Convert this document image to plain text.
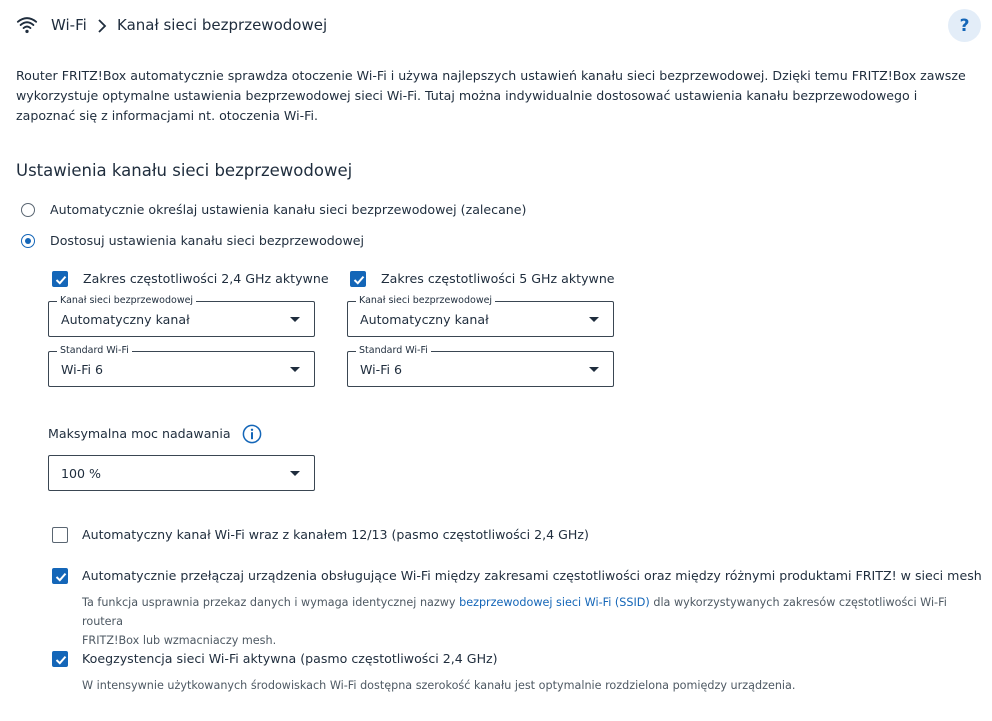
Wi-Fi Kanał sieci bezprzewodowej	?
Router FRITZ!Box automatycznie sprawdza otoczenie Wi-Fi i używa najlepszych ustawień kanału sieci bezprzewodowej. Dzięki temu FRITZ!Box zawsze wykorzystuje optymalne ustawienia bezprzewodowej sieci Wi-Fi. Tutaj można indywidualnie dostosować ustawienia kanału bezprzewodowego i zapoznać się z informacjami nt. otoczenia Wi-Fi.
Ustawienia kanału sieci bezprzewodowej
Automatycznie określaj ustawienia kanału sieci bezprzewodowej (zalecane)
Dostosuj ustawienia kanału sieci bezprzewodowej
Zakres częstotliwości 2,4 GHz aktywne	Zakres częstotliwości 5 GHz aktywne
Kanał sieci bezprzewodowej
Automatyczny kanał
Kanał sieci bezprzewodowej
Automatyczny kanał
Standard Wi-Fi
Wi-Fi 6
Standard Wi-Fi
Wi-Fi 6
Maksymalna moc nadawania
100 %
Automatyczny kanał Wi-Fi wraz z kanałem 12/13 (pasmo częstotliwości 2,4 GHz)
Automatycznie przełączaj urządzenia obsługujące Wi-Fi między zakresami częstotliwości oraz między różnymi produktami FRITZ! w sieci mesh
Ta funkcja usprawnia przekaz danych i wymaga identycznej nazwy bezprzewodowej sieci Wi-Fi (SSID) dla wykorzystywanych zakresów częstotliwości Wi-Fi routera
FRITZ!Box lub wzmacniaczy mesh.
Koegzystencja sieci Wi-Fi aktywna (pasmo częstotliwości 2,4 GHz)
W intensywnie użytkowanych środowiskach Wi-Fi dostępna szerokość kanału jest optymalnie rozdzielona pomiędzy urządzenia.
